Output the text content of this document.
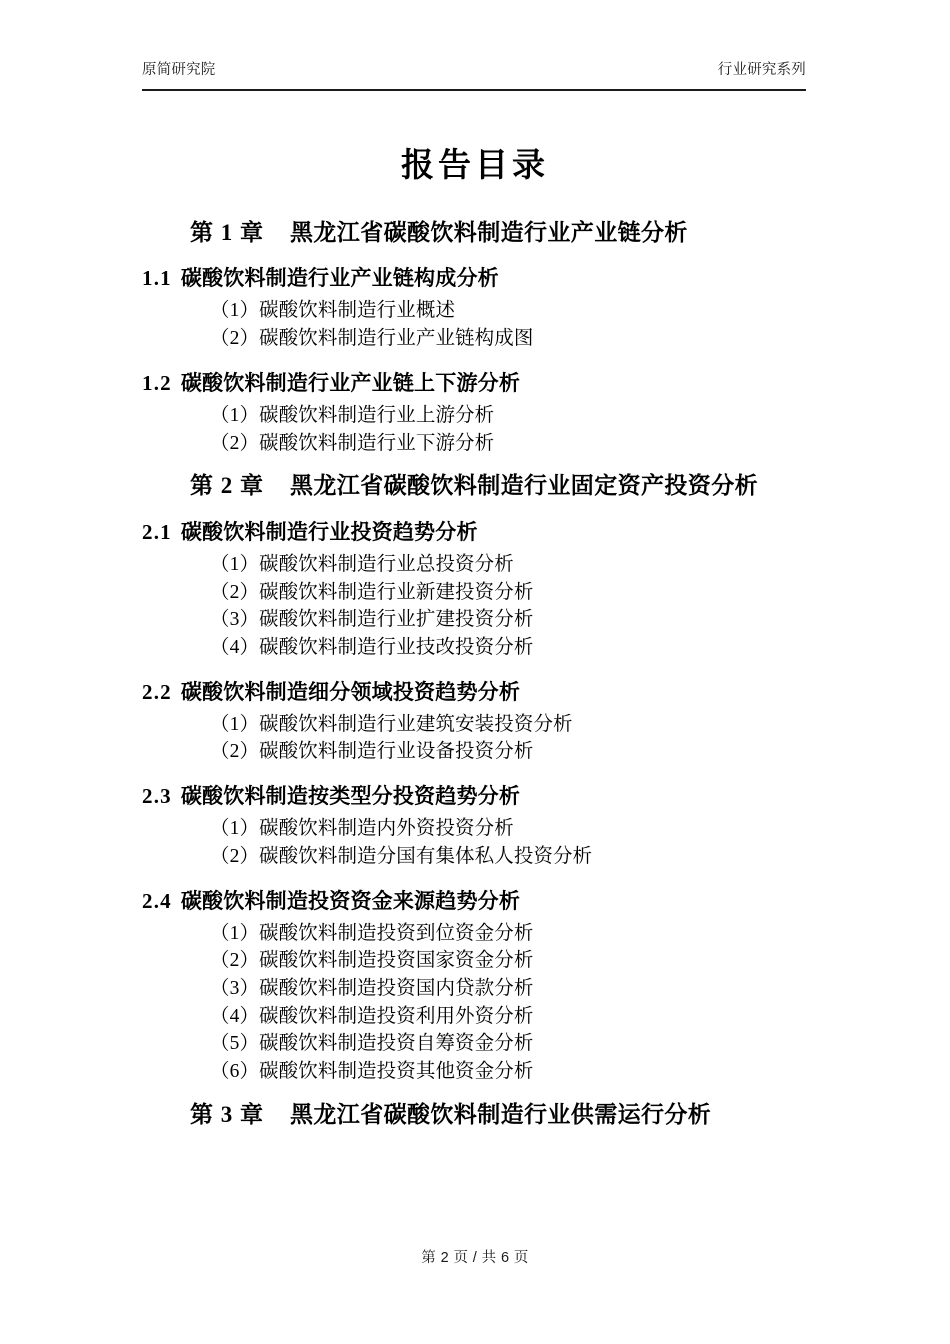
原简研究院	行业研究系列
报告目录
第 1 章 黑龙江省碳酸饮料制造行业产业链分析
1.1 碳酸饮料制造行业产业链构成分析
（1）碳酸饮料制造行业概述
（2）碳酸饮料制造行业产业链构成图
1.2 碳酸饮料制造行业产业链上下游分析
（1）碳酸饮料制造行业上游分析
（2）碳酸饮料制造行业下游分析
第 2 章 黑龙江省碳酸饮料制造行业固定资产投资分析
2.1 碳酸饮料制造行业投资趋势分析
（1）碳酸饮料制造行业总投资分析
（2）碳酸饮料制造行业新建投资分析
（3）碳酸饮料制造行业扩建投资分析
（4）碳酸饮料制造行业技改投资分析
2.2 碳酸饮料制造细分领域投资趋势分析
（1）碳酸饮料制造行业建筑安装投资分析
（2）碳酸饮料制造行业设备投资分析
2.3 碳酸饮料制造按类型分投资趋势分析
（1）碳酸饮料制造内外资投资分析
（2）碳酸饮料制造分国有集体私人投资分析
2.4 碳酸饮料制造投资资金来源趋势分析
（1）碳酸饮料制造投资到位资金分析
（2）碳酸饮料制造投资国家资金分析
（3）碳酸饮料制造投资国内贷款分析
（4）碳酸饮料制造投资利用外资分析
（5）碳酸饮料制造投资自筹资金分析
（6）碳酸饮料制造投资其他资金分析
第 3 章 黑龙江省碳酸饮料制造行业供需运行分析
第 2 页 / 共 6 页
